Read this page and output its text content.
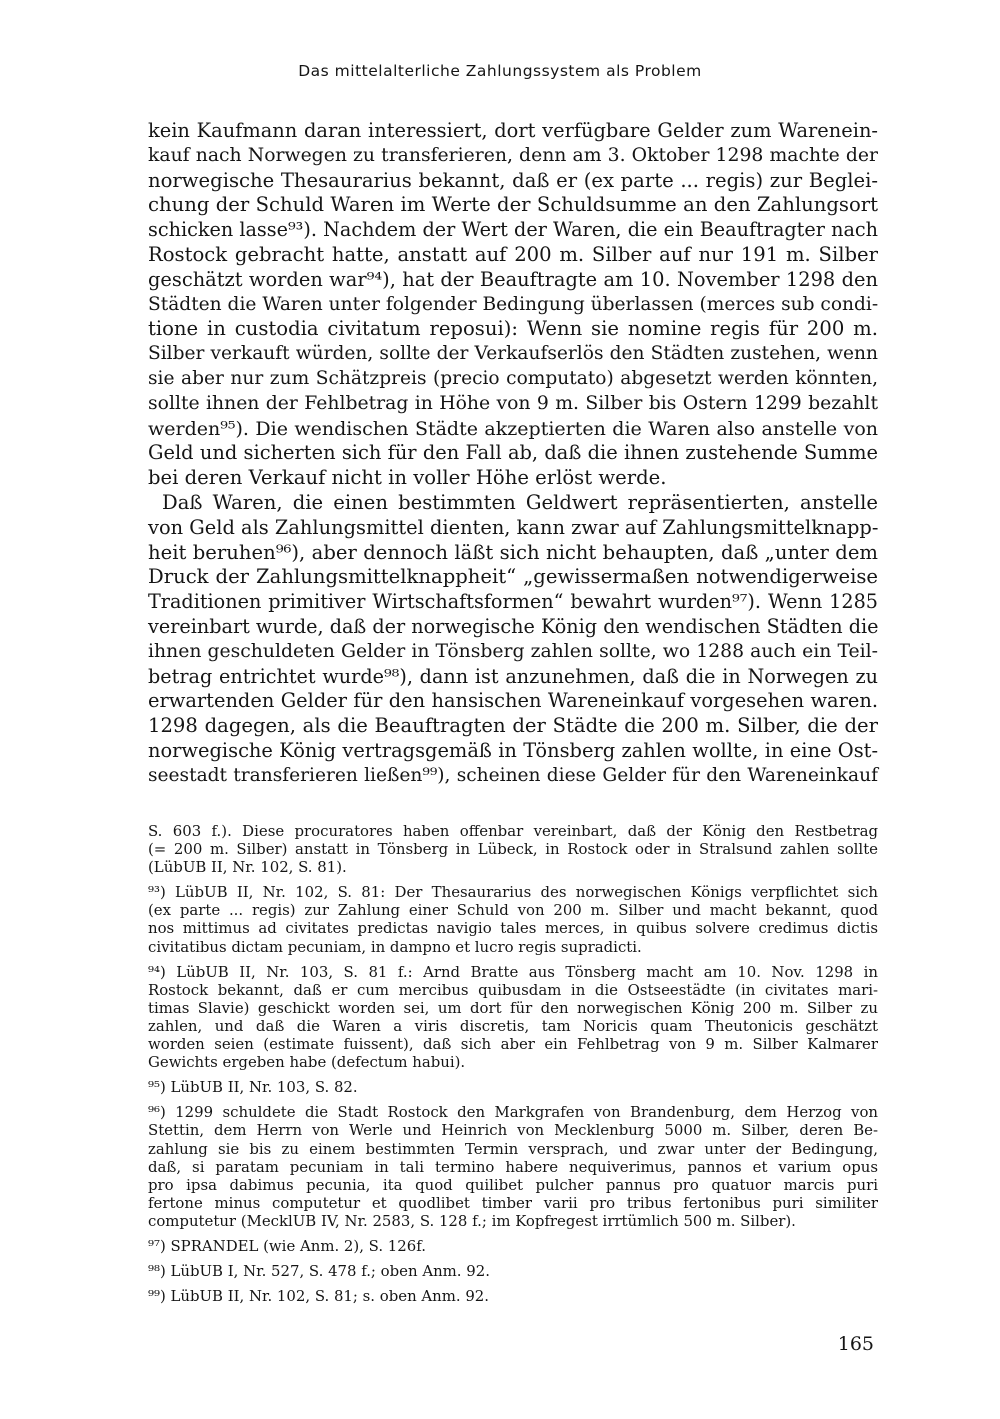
Das mittelalterliche Zahlungssystem als Problem
kein Kaufmann daran interessiert, dort verfügbare Gelder zum Warenein-
kauf nach Norwegen zu transferieren, denn am 3. Oktober 1298 machte der
norwegische Thesaurarius bekannt, daß er (ex parte ... regis) zur Beglei-
chung der Schuld Waren im Werte der Schuldsumme an den Zahlungsort
schicken lasse⁹³). Nachdem der Wert der Waren, die ein Beauftragter nach
Rostock gebracht hatte, anstatt auf 200 m. Silber auf nur 191 m. Silber
geschätzt worden war⁹⁴), hat der Beauftragte am 10. November 1298 den
Städten die Waren unter folgender Bedingung überlassen (merces sub condi-
tione in custodia civitatum reposui): Wenn sie nomine regis für 200 m.
Silber verkauft würden, sollte der Verkaufserlös den Städten zustehen, wenn
sie aber nur zum Schätzpreis (precio computato) abgesetzt werden könnten,
sollte ihnen der Fehlbetrag in Höhe von 9 m. Silber bis Ostern 1299 bezahlt
werden⁹⁵). Die wendischen Städte akzeptierten die Waren also anstelle von
Geld und sicherten sich für den Fall ab, daß die ihnen zustehende Summe
bei deren Verkauf nicht in voller Höhe erlöst werde.
Daß Waren, die einen bestimmten Geldwert repräsentierten, anstelle
von Geld als Zahlungsmittel dienten, kann zwar auf Zahlungsmittelknapp-
heit beruhen⁹⁶), aber dennoch läßt sich nicht behaupten, daß „unter dem
Druck der Zahlungsmittelknappheit“ „gewissermaßen notwendigerweise
Traditionen primitiver Wirtschaftsformen“ bewahrt wurden⁹⁷). Wenn 1285
vereinbart wurde, daß der norwegische König den wendischen Städten die
ihnen geschuldeten Gelder in Tönsberg zahlen sollte, wo 1288 auch ein Teil-
betrag entrichtet wurde⁹⁸), dann ist anzunehmen, daß die in Norwegen zu
erwartenden Gelder für den hansischen Wareneinkauf vorgesehen waren.
1298 dagegen, als die Beauftragten der Städte die 200 m. Silber, die der
norwegische König vertragsgemäß in Tönsberg zahlen wollte, in eine Ost-
seestadt transferieren ließen⁹⁹), scheinen diese Gelder für den Wareneinkauf
S. 603 f.). Diese procuratores haben offenbar vereinbart, daß der König den Restbetrag
(= 200 m. Silber) anstatt in Tönsberg in Lübeck, in Rostock oder in Stralsund zahlen sollte
(LübUB II, Nr. 102, S. 81).
⁹³) LübUB II, Nr. 102, S. 81: Der Thesaurarius des norwegischen Königs verpflichtet sich
(ex parte ... regis) zur Zahlung einer Schuld von 200 m. Silber und macht bekannt, quod
nos mittimus ad civitates predictas navigio tales merces, in quibus solvere credimus dictis
civitatibus dictam pecuniam, in dampno et lucro regis supradicti.
⁹⁴) LübUB II, Nr. 103, S. 81 f.: Arnd Bratte aus Tönsberg macht am 10. Nov. 1298 in
Rostock bekannt, daß er cum mercibus quibusdam in die Ostseestädte (in civitates mari-
timas Slavie) geschickt worden sei, um dort für den norwegischen König 200 m. Silber zu
zahlen, und daß die Waren a viris discretis, tam Noricis quam Theutonicis geschätzt
worden seien (estimate fuissent), daß sich aber ein Fehlbetrag von 9 m. Silber Kalmarer
Gewichts ergeben habe (defectum habui).
⁹⁵) LübUB II, Nr. 103, S. 82.
⁹⁶) 1299 schuldete die Stadt Rostock den Markgrafen von Brandenburg, dem Herzog von
Stettin, dem Herrn von Werle und Heinrich von Mecklenburg 5000 m. Silber, deren Be-
zahlung sie bis zu einem bestimmten Termin versprach, und zwar unter der Bedingung,
daß, si paratam pecuniam in tali termino habere nequiverimus, pannos et varium opus
pro ipsa dabimus pecunia, ita quod quilibet pulcher pannus pro quatuor marcis puri
fertone minus computetur et quodlibet timber varii pro tribus fertonibus puri similiter
computetur (MecklUB IV, Nr. 2583, S. 128 f.; im Kopfregest irrtümlich 500 m. Silber).
⁹⁷) SPRANDEL (wie Anm. 2), S. 126f.
⁹⁸) LübUB I, Nr. 527, S. 478 f.; oben Anm. 92.
⁹⁹) LübUB II, Nr. 102, S. 81; s. oben Anm. 92.
165
